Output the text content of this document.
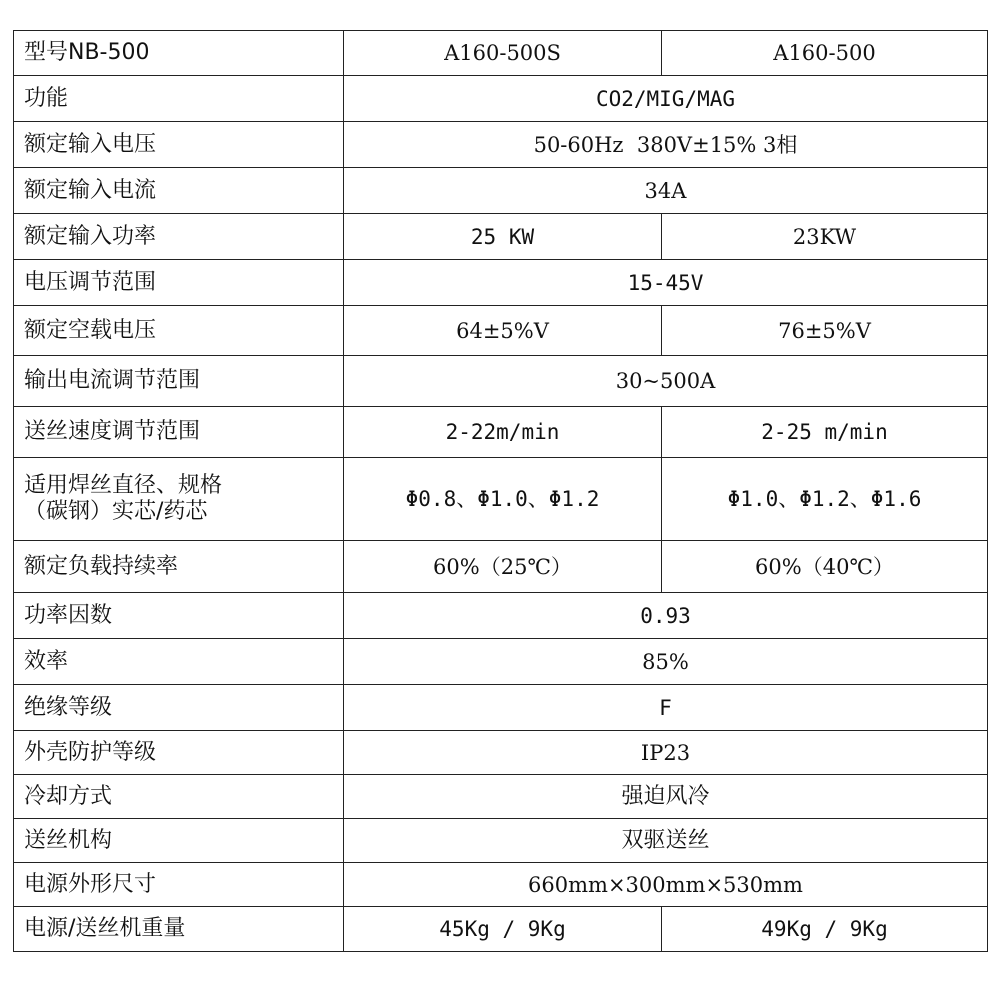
型号NB-500	A160-500S	A160-500
功能	CO2/MIG/MAG	
额定输入电压	50-60Hz  380V±15% 3相	
额定输入电流	34A	
额定输入功率	25 KW	23KW
电压调节范围	15-45V	
额定空载电压	64±5%V	76±5%V
输出电流调节范围	30~500A	
送丝速度调节范围	2-22m/min	2-25 m/min

适用焊丝直径、规格
（碳钢）实芯/药芯	Φ0.8、Φ1.0、Φ1.2	Φ1.0、Φ1.2、Φ1.6
额定负载持续率	60%（25℃）	60%（40℃）
功率因数	0.93	
效率	85%	
绝缘等级	F	
外壳防护等级	IP23	
冷却方式	强迫风冷	
送丝机构	双驱送丝	
电源外形尺寸	660mm×300mm×530mm	
电源/送丝机重量	45Kg / 9Kg	49Kg / 9Kg
